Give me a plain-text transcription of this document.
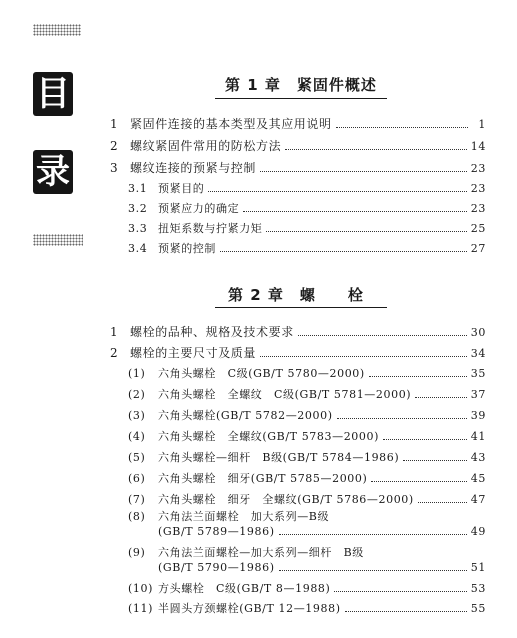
目
录
第 1 章　紧固件概述
1 紧固件连接的基本类型及其应用说明	1
2 螺纹紧固件常用的防松方法	14
3 螺纹连接的预紧与控制	23
3.1 预紧目的	23
3.2 预紧应力的确定	23
3.3 扭矩系数与拧紧力矩	25
3.4 预紧的控制	27
第 2 章　螺　　栓
1 螺栓的品种、规格及技术要求	30
2 螺栓的主要尺寸及质量	34
(1)	六角头螺栓　C级(GB/T 5780—2000)	35
(2)	六角头螺栓　全螺纹　C级(GB/T 5781—2000)	37
(3)	六角头螺栓(GB/T 5782—2000)	39
(4)	六角头螺栓　全螺纹(GB/T 5783—2000)	41
(5)	六角头螺栓—细杆　B级(GB/T 5784—1986)	43
(6)	六角头螺栓　细牙(GB/T 5785—2000)	45
(7)	六角头螺栓　细牙　全螺纹(GB/T 5786—2000)	47
(8)	六角法兰面螺栓　加大系列—B级
(GB/T 5789—1986)	49
(9)	六角法兰面螺栓—加大系列—细杆　B级
(GB/T 5790—1986)	51
(10) 方头螺栓　C级(GB/T 8—1988)	53
(11) 半圆头方颈螺栓(GB/T 12—1988)	55
